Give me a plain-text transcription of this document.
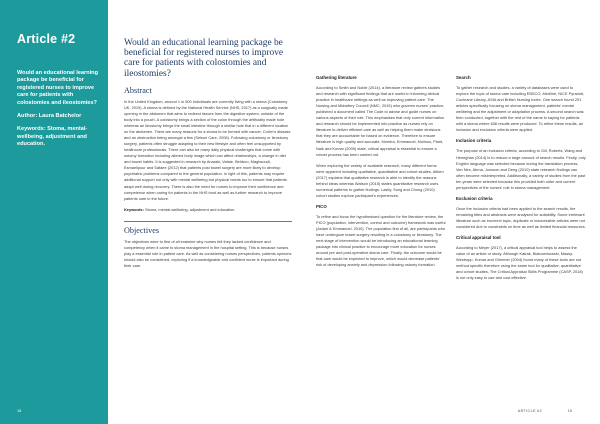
Article #2

Would an educational learning package be beneficial for registered nurses to improve care for patients with colostomies and ileostomies?

Author: Laura Batchelor

Keywords: Stoma, mental-wellbeing, adjustment and education.

18
Would an educational learning package be beneficial for registered nurses to improve care for patients with colostomies and ileostomies?
Abstract

In the United Kingdom, around 1 in 500 individuals are currently living with a stoma (Colostomy UK, 2019). A stoma is defined by the National Health Service (NHS, 2017) as a surgically made opening in the abdomen that aims to redirect faeces from the digestive system, outside of the body into a pouch. A colostomy brings a section of the colon through the artificially made hole whereas an ileostomy brings the small intestine through a similar hole that in a different location on the abdomen. There are many reasons for a stoma to be formed with cancer, Crohn's disease and an obstruction being amongst a few (Selsuri Care, 2008). Following colostomy or ileostomy surgery, patients often struggle adapting to their new lifestyle and often feel unsupported by healthcare professionals. There can also be many daily physical challenges that come with ostomy formation including altered body image which can affect relationships, a change in diet and bowel habits. It is suggested in research by Anaraki, Vafaie, Behboo, Maghsoudi, Esmaeilpour and Safaee (2012) that patients post bowel surgery are more likely to develop psychiatric problems compared to the general population. In light of this, patients may require additional support not only with mental wellbeing but physical needs too to ensure that patients adapt well during recovery. There is also the need for nurses to improve their confidence and competence when caring for patients in the NHS trust as well as further research to improve patients care in the future.

Keywords: Stoma, mental-wellbeing, adjustment and education.

Objectives

The objectives were to first of all examine why nurses felt they lacked confidence and competency when it came to stoma management in the hospital setting. This is because nurses play a essential role in patient care. As well as considering nurses perspectives, patients opinions should also be considered, exploring if a knowledgeable and confident nurse is important during their care.

Gathering literature

According to Smith and Noble (2014), a literature review gathers studies and research with significant findings that are useful in informing clinical practice in healthcare settings as well as improving patient care. The Nursing and Midwifery Council (NMC, 2015) who governs nurses' practice, published a document called The Code to advise and guide nurses on various aspects of their role. This emphasises that only current information and research should be implemented into practice as nurses rely on literature to deliver efficient care as well as helping them make decisions that they are accountable for based on evidence. Therefore to ensure literature is high quality and accurate, Moreira, Emmanuel, Molinos, Plant, Naik and Kumar (2009) state, critical appraisal is essential to ensure a robust process has been carried out.

When exploring the variety of available research, many different forms were apparent including qualitative, quantitative and cohort studies. Aitken (2017) explains that qualitative research is able to identify the reasons behind ideas whereas Watson (2015) states quantitative research uses numerical patterns to gather findings. Lastly, Song and Chung (2010) cohort studies explore participant's experiences.

PICO

To refine and focus the hypothesised question for the literature review, the PICO (population, intervention, control and outcome) framework was useful (Aslam & Emmanuel, 2010). The population first of all, are participants who have undergone bowel surgery resulting in a colostomy or ileostomy. The next stage of intervention would be introducing an educational learning package into clinical practice to encourage more education for nurses around pre and post-operative stoma care. Finally, the outcome would be that care would be expected to improve, which would decrease patients' risk of developing anxiety and depression following ostomy formation.

Search

To gather research and studies, a variety of databases were used to explore the topic of stoma care including EBSCO, Medline, NICE Pyramid, Cochrane Library, ASIA and British Nursing Index. One search found 201 articles specifically focusing on stoma management, patients' mental wellbeing and the adjustment or adaptation process. A second search was then conducted, together with the rest of the name in saying for patients with a stoma where 636 results were produced. To refine these results, an inclusion and exclusion criteria were applied.

Inclusion criteria

The purpose of an inclusion criteria, according to Gill, Roberts, Wang and Heneghan (2014) is to reduce a large amount of search results. Firstly, only English language was selected because during the translation process, Van Nes, Abma, Jonsson and Deeg (2010) state research findings can often become misinterpreted. Additionally, a variety of studies from the past ten years were selected because this provided both older and current perspectives of the nurses' role in stoma management.

Exclusion criteria

Once the inclusion criteria had been applied to the search results, the remaining titles and abstracts were analysed for suitability. Some irrelevant literature such as incorrect topic, duplicate or inaccessible articles were not considered due to constraints on time as well as limited financial resources.

Critical appraisal tool

According to Meyer (2017), a critical appraisal tool helps to assess the value of an article or study. Although Katrak, Bialocerkowski, Massy-Westropp, Kumar and Grimmer (2004) found many of these tools are not method specific therefore using the same tool for qualitative, quantitative and cohort studies, The Critical Appraisal Skills Programme (CASP, 2018) is not only easy to use and cost effective.

ARTICLE #2	19
